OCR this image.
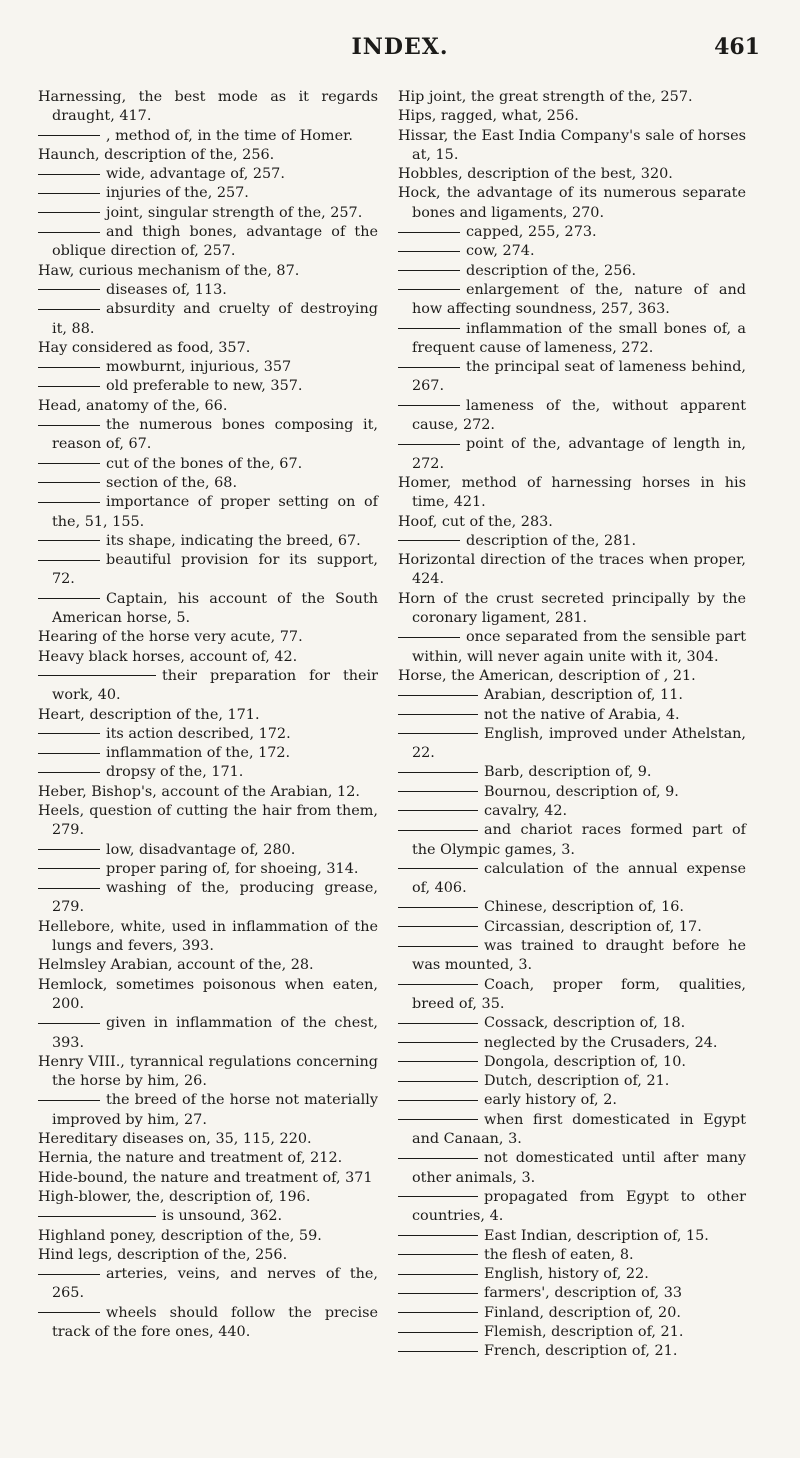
INDEX.	461
Harnessing, the best mode as it regards draught, 417.
, method of, in the time of Homer.
Haunch, description of the, 256.
wide, advantage of, 257.
injuries of the, 257.
joint, singular strength of the, 257.
and thigh bones, advantage of the oblique direction of, 257.
Haw, curious mechanism of the, 87.
diseases of, 113.
absurdity and cruelty of destroying it, 88.
Hay considered as food, 357.
mowburnt, injurious, 357
old preferable to new, 357.
Head, anatomy of the, 66.
the numerous bones composing it, reason of, 67.
cut of the bones of the, 67.
section of the, 68.
importance of proper setting on of the, 51, 155.
its shape, indicating the breed, 67.
beautiful provision for its support, 72.
Captain, his account of the South American horse, 5.
Hearing of the horse very acute, 77.
Heavy black horses, account of, 42.
their preparation for their work, 40.
Heart, description of the, 171.
its action described, 172.
inflammation of the, 172.
dropsy of the, 171.
Heber, Bishop's, account of the Arabian, 12.
Heels, question of cutting the hair from them, 279.
low, disadvantage of, 280.
proper paring of, for shoeing, 314.
washing of the, producing grease, 279.
Hellebore, white, used in inflammation of the lungs and fevers, 393.
Helmsley Arabian, account of the, 28.
Hemlock, sometimes poisonous when eaten, 200.
given in inflammation of the chest, 393.
Henry VIII., tyrannical regulations concerning the horse by him, 26.
the breed of the horse not materially improved by him, 27.
Hereditary diseases on, 35, 115, 220.
Hernia, the nature and treatment of, 212.
Hide-bound, the nature and treatment of, 371
High-blower, the, description of, 196.
is unsound, 362.
Highland poney, description of the, 59.
Hind legs, description of the, 256.
arteries, veins, and nerves of the, 265.
wheels should follow the precise track of the fore ones, 440.
Hip joint, the great strength of the, 257.
Hips, ragged, what, 256.
Hissar, the East India Company's sale of horses at, 15.
Hobbles, description of the best, 320.
Hock, the advantage of its numerous separate bones and ligaments, 270.
capped, 255, 273.
cow, 274.
description of the, 256.
enlargement of the, nature of and how affecting soundness, 257, 363.
inflammation of the small bones of, a frequent cause of lameness, 272.
the principal seat of lameness behind, 267.
lameness of the, without apparent cause, 272.
point of the, advantage of length in, 272.
Homer, method of harnessing horses in his time, 421.
Hoof, cut of the, 283.
description of the, 281.
Horizontal direction of the traces when proper, 424.
Horn of the crust secreted principally by the coronary ligament, 281.
once separated from the sensible part within, will never again unite with it, 304.
Horse, the American, description of , 21.
Arabian, description of, 11.
not the native of Arabia, 4.
English, improved under Athelstan, 22.
Barb, description of, 9.
Bournou, description of, 9.
cavalry, 42.
and chariot races formed part of the Olympic games, 3.
calculation of the annual expense of, 406.
Chinese, description of, 16.
Circassian, description of, 17.
was trained to draught before he was mounted, 3.
Coach, proper form, qualities, breed of, 35.
Cossack, description of, 18.
neglected by the Crusaders, 24.
Dongola, description of, 10.
Dutch, description of, 21.
early history of, 2.
when first domesticated in Egypt and Canaan, 3.
not domesticated until after many other animals, 3.
propagated from Egypt to other countries, 4.
East Indian, description of, 15.
the flesh of eaten, 8.
English, history of, 22.
farmers', description of, 33
Finland, description of, 20.
Flemish, description of, 21.
French, description of, 21.
